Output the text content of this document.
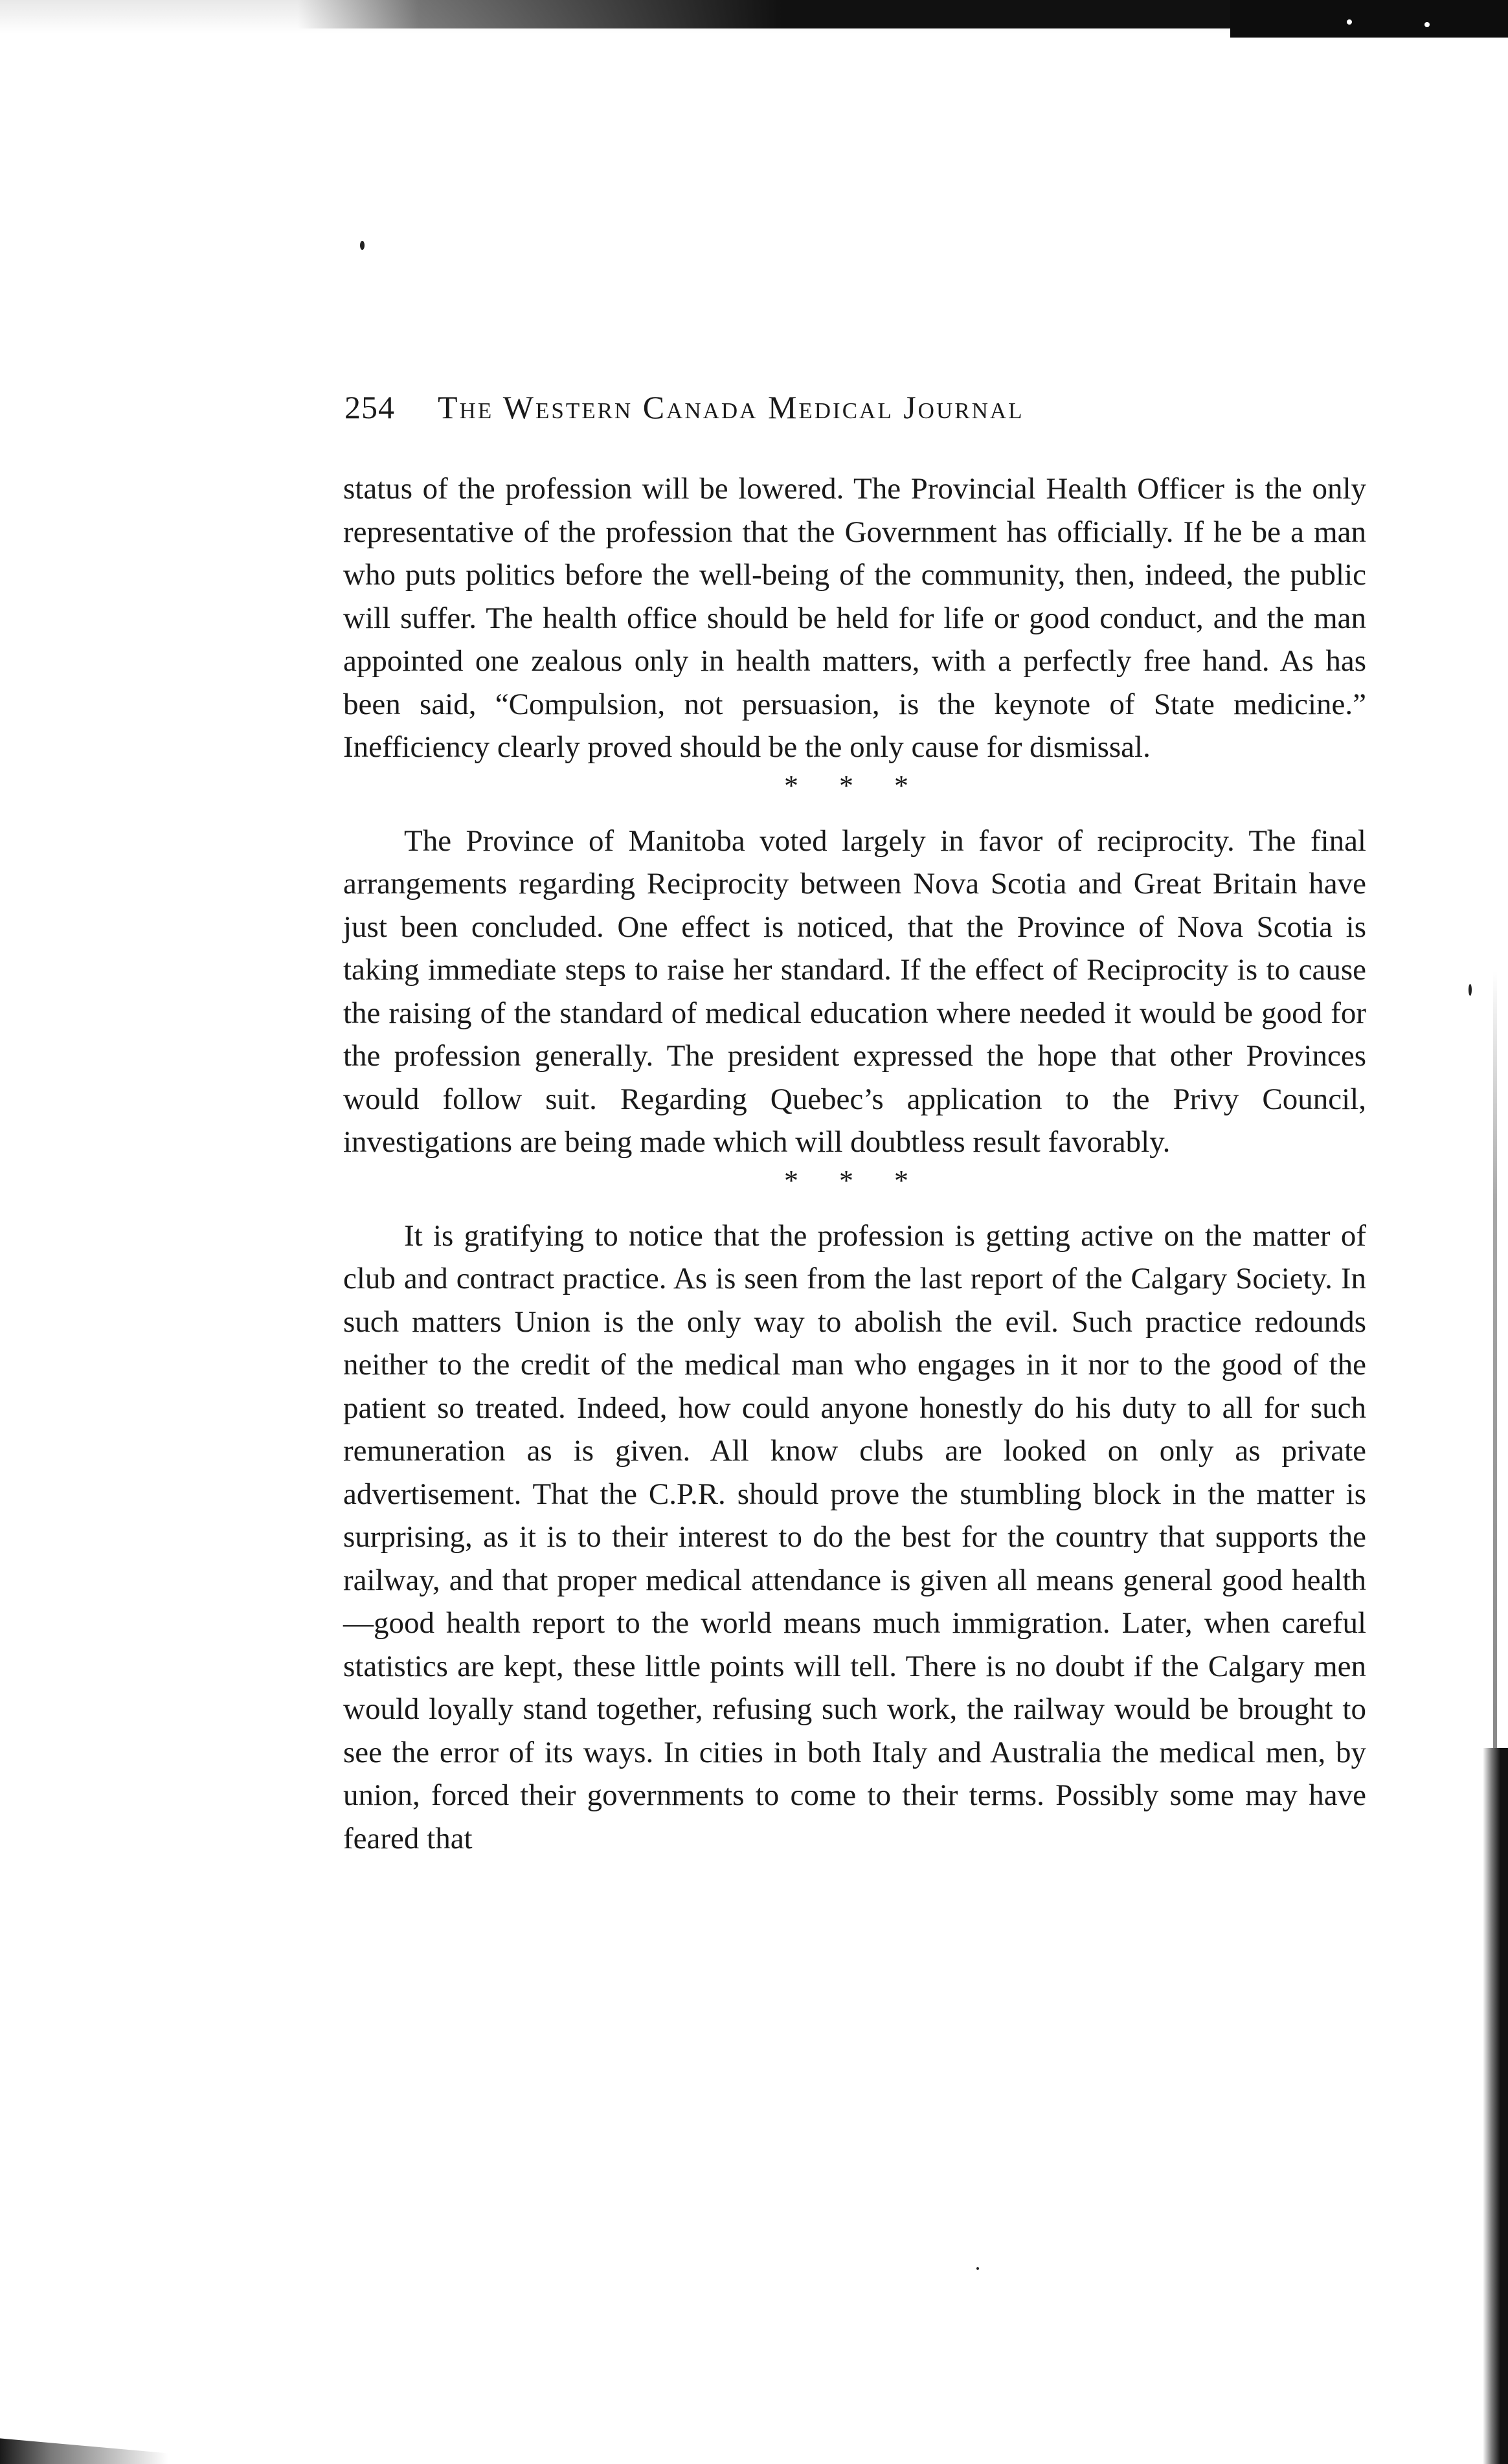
254 The Western Canada Medical Journal

status of the profession will be lowered. The Provincial Health Officer is the only representative of the profession that the Government has officially. If he be a man who puts politics before the well-being of the community, then, indeed, the public will suffer. The health office should be held for life or good conduct, and the man appointed one zealous only in health matters, with a perfectly free hand. As has been said, “Compulsion, not persuasion, is the keynote of State medicine.” Inefficiency clearly proved should be the only cause for dismissal.

* * *

The Province of Manitoba voted largely in favor of reciprocity. The final arrangements regarding Reciprocity between Nova Scotia and Great Britain have just been concluded. One effect is noticed, that the Province of Nova Scotia is taking immediate steps to raise her standard. If the effect of Reciprocity is to cause the raising of the standard of medical education where needed it would be good for the profession generally. The president expressed the hope that other Provinces would follow suit. Regarding Quebec’s application to the Privy Council, investigations are being made which will doubtless result favorably.

* * *

It is gratifying to notice that the profession is getting active on the matter of club and contract practice. As is seen from the last report of the Calgary Society. In such matters Union is the only way to abolish the evil. Such practice redounds neither to the credit of the medical man who engages in it nor to the good of the patient so treated. Indeed, how could anyone honestly do his duty to all for such remuneration as is given. All know clubs are looked on only as private advertisement. That the C.P.R. should prove the stumbling block in the matter is surprising, as it is to their interest to do the best for the country that supports the railway, and that proper medical attendance is given all means general good health—good health report to the world means much immigration. Later, when careful statistics are kept, these little points will tell. There is no doubt if the Calgary men would loyally stand together, refusing such work, the railway would be brought to see the error of its ways. In cities in both Italy and Australia the medical men, by union, forced their governments to come to their terms. Possibly some may have feared that
